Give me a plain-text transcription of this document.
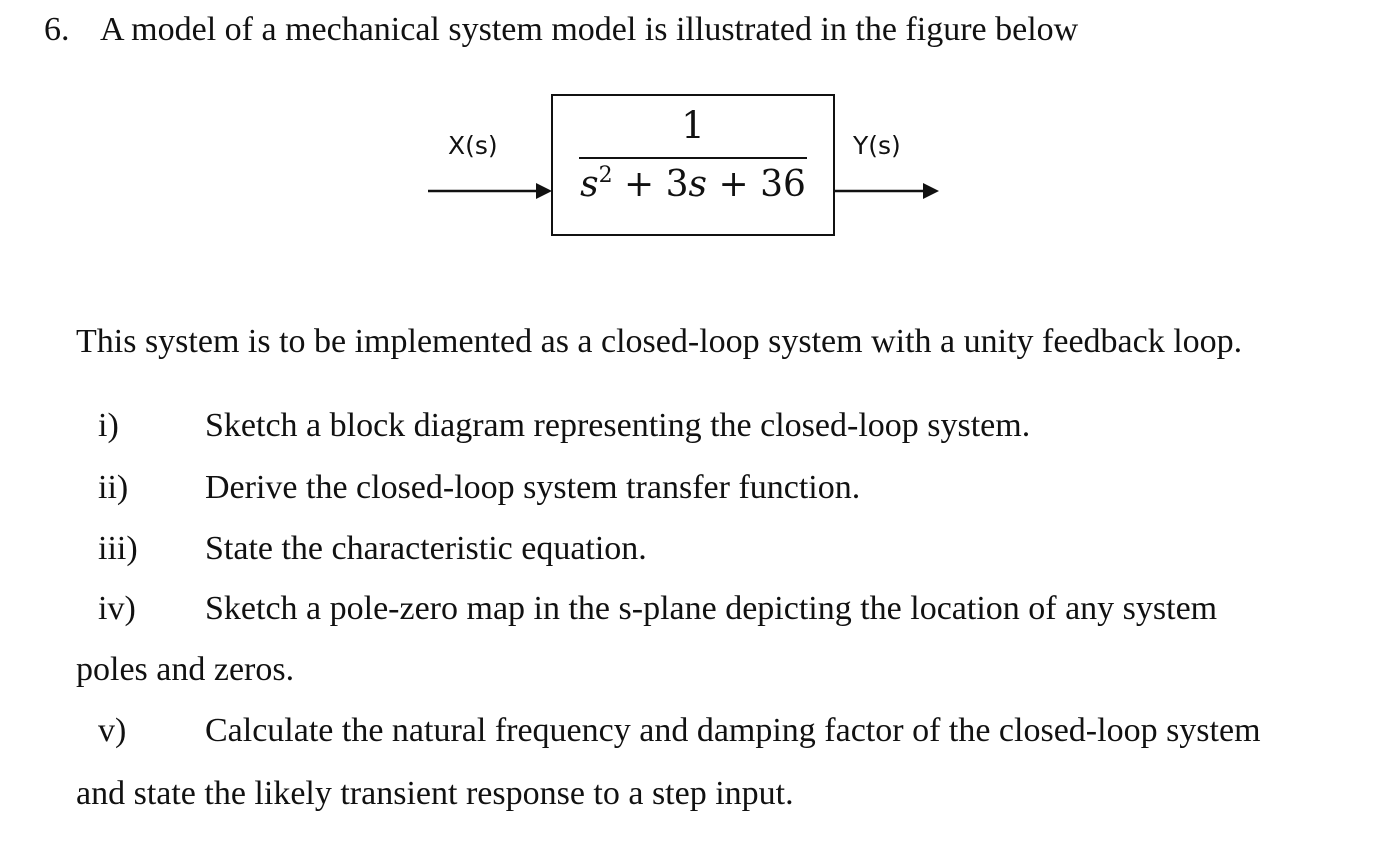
6. A model of a mechanical system model is illustrated in the figure below
X(s)	Y(s)
1
$s^2 + 3s + 36$
This system is to be implemented as a closed-loop system with a unity feedback loop.
i)	Sketch a block diagram representing the closed-loop system.
ii) Derive the closed-loop system transfer function.
iii) State the characteristic equation.
iv) Sketch a pole-zero map in the s-plane depicting the location of any system
poles and zeros.
v) Calculate the natural frequency and damping factor of the closed-loop system
and state the likely transient response to a step input.
